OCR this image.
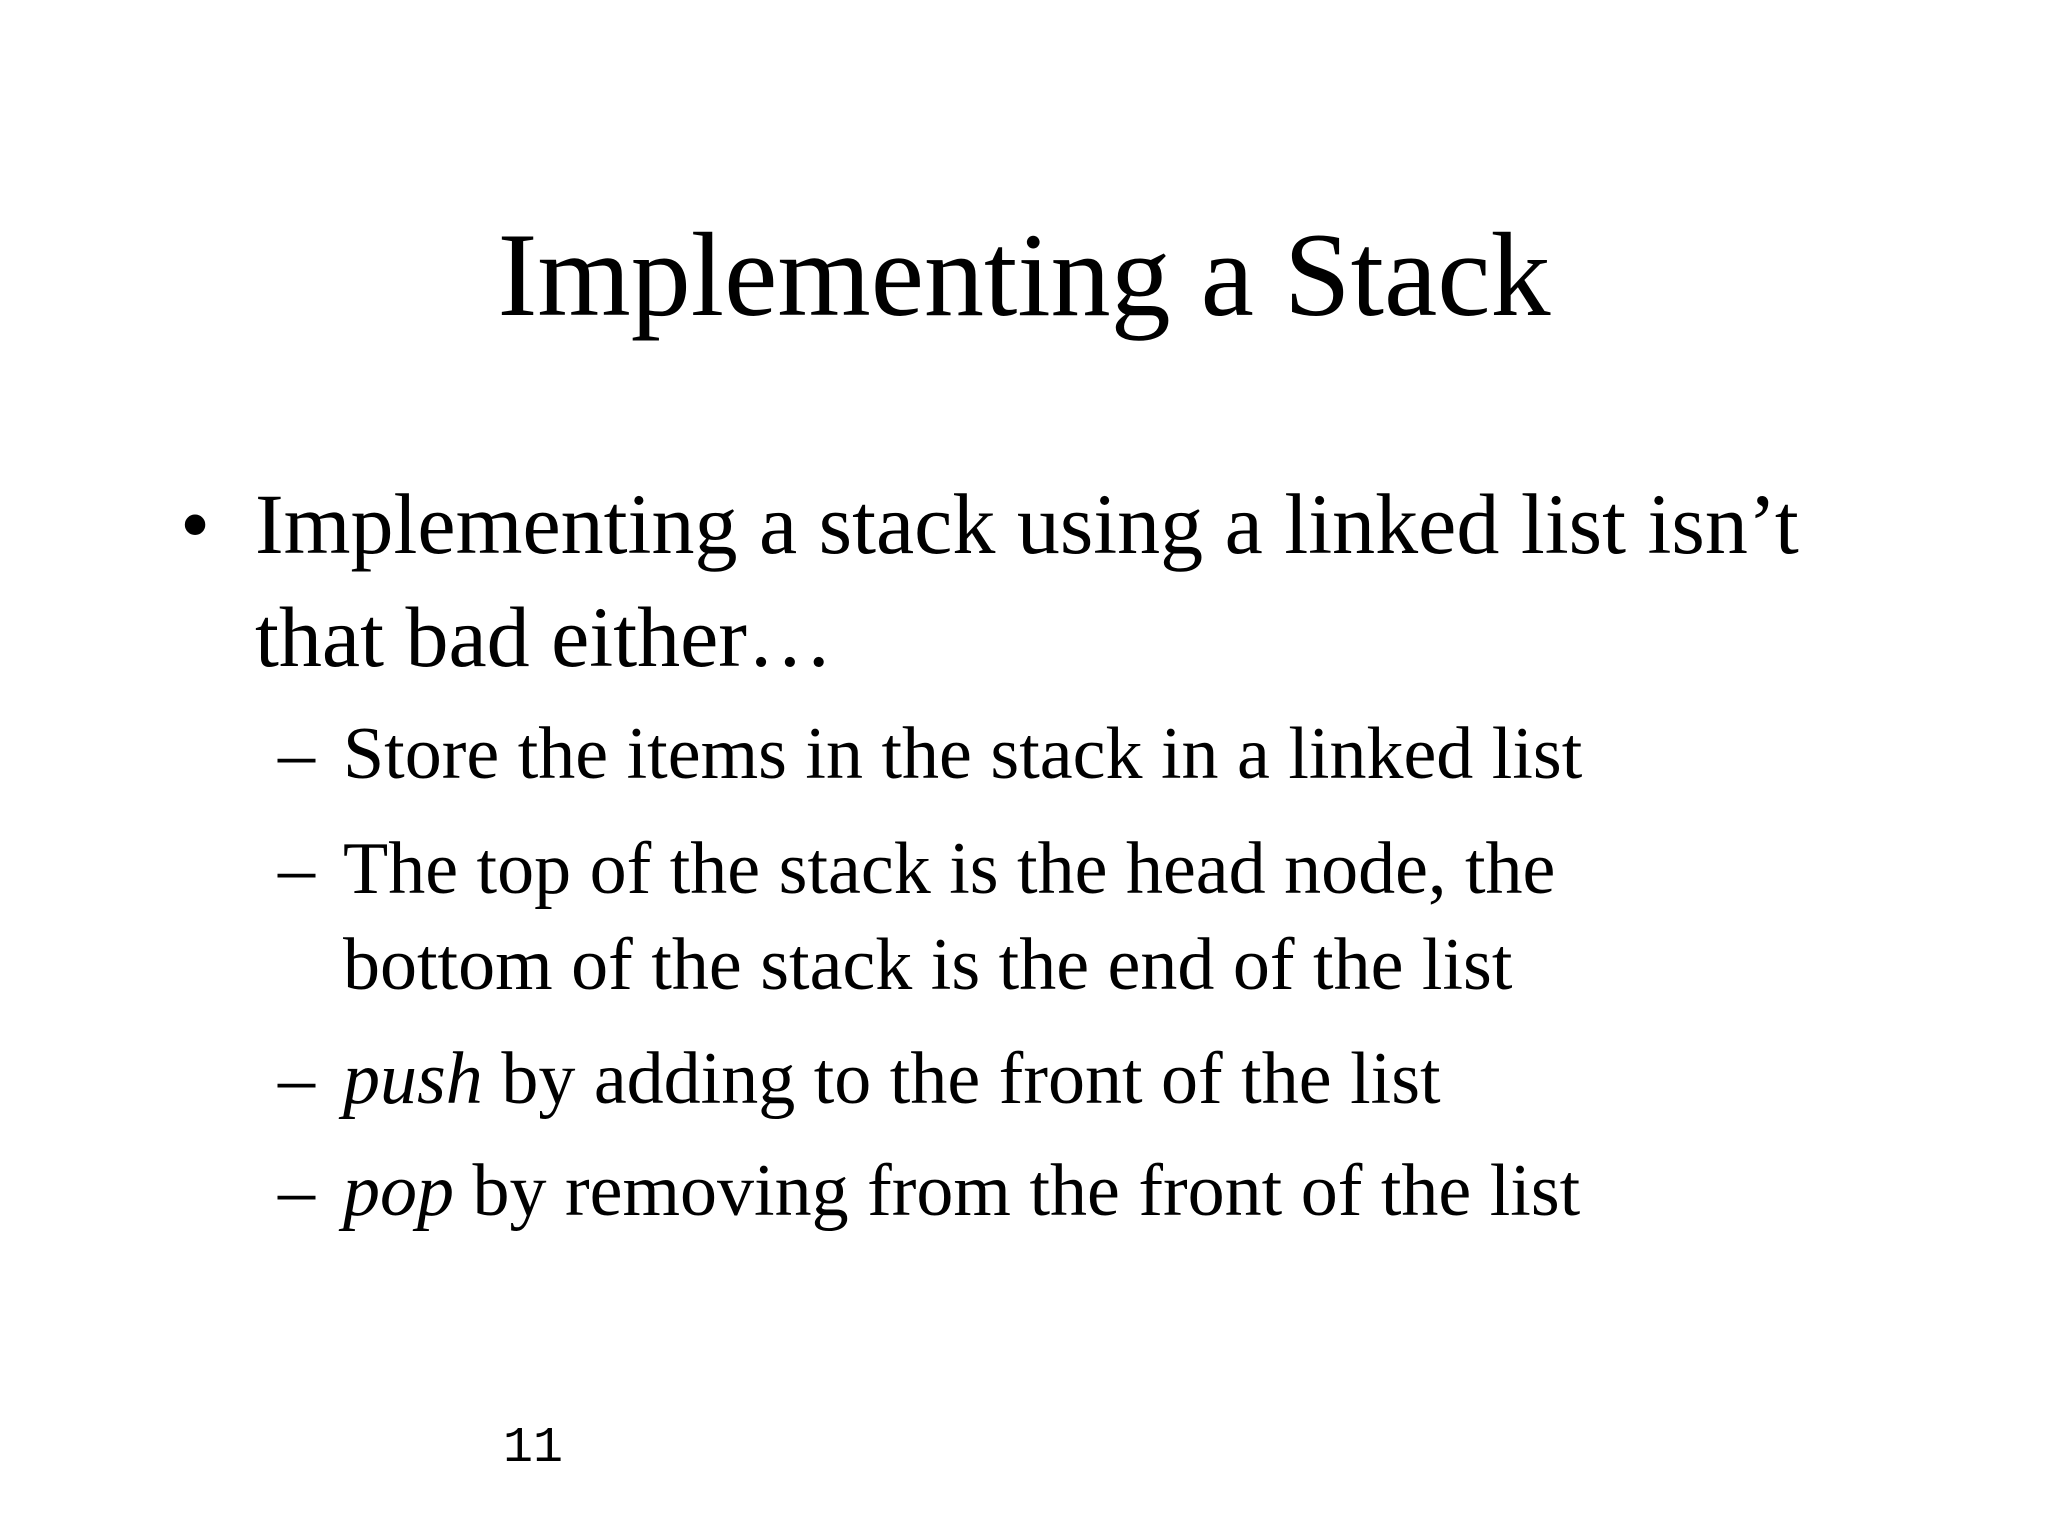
Implementing a Stack
• Implementing a stack using a linked list isn’t that bad either…
– Store the items in the stack in a linked list
– The top of the stack is the head node, the bottom of the stack is the end of the list
– push by adding to the front of the list
– pop by removing from the front of the list
11
